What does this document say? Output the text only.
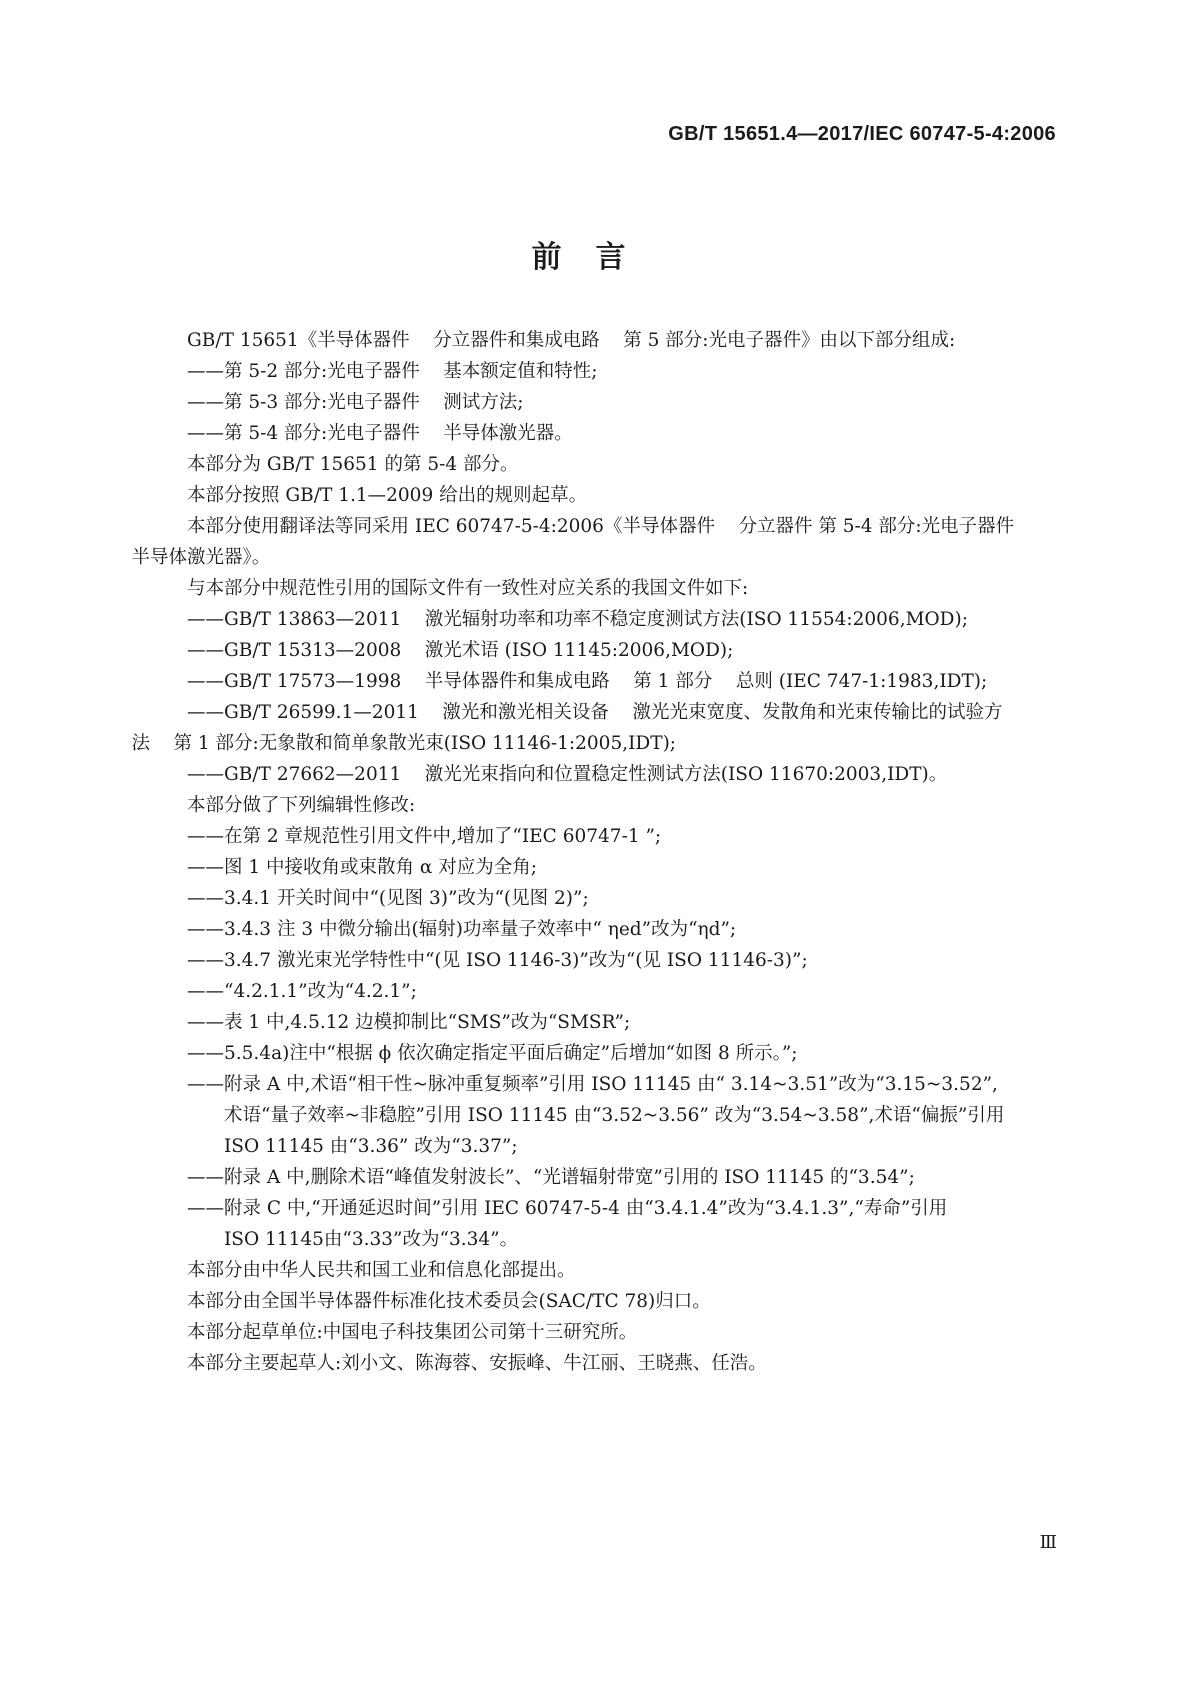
GB/T 15651.4—2017/IEC 60747-5-4:2006
前言
GB/T 15651《半导体器件    分立器件和集成电路    第 5 部分:光电子器件》由以下部分组成:
——第 5-2 部分:光电子器件    基本额定值和特性;
——第 5-3 部分:光电子器件    测试方法;
——第 5-4 部分:光电子器件    半导体激光器。
本部分为 GB/T 15651 的第 5-4 部分。
本部分按照 GB/T 1.1—2009 给出的规则起草。
本部分使用翻译法等同采用 IEC 60747-5-4:2006《半导体器件    分立器件 第 5-4 部分:光电子器件
半导体激光器》。
与本部分中规范性引用的国际文件有一致性对应关系的我国文件如下:
——GB/T 13863—2011    激光辐射功率和功率不稳定度测试方法(ISO 11554:2006,MOD);
——GB/T 15313—2008    激光术语 (ISO 11145:2006,MOD);
——GB/T 17573—1998    半导体器件和集成电路    第 1 部分    总则 (IEC 747-1:1983,IDT);
——GB/T 26599.1—2011    激光和激光相关设备    激光光束宽度、发散角和光束传输比的试验方
法    第 1 部分:无象散和简单象散光束(ISO 11146-1:2005,IDT);
——GB/T 27662—2011    激光光束指向和位置稳定性测试方法(ISO 11670:2003,IDT)。
本部分做了下列编辑性修改:
——在第 2 章规范性引用文件中,增加了“IEC 60747-1 ”;
——图 1 中接收角或束散角 α 对应为全角;
——3.4.1 开关时间中“(见图 3)”改为“(见图 2)”;
——3.4.3 注 3 中微分输出(辐射)功率量子效率中“ ηed”改为“ηd”;
——3.4.7 激光束光学特性中“(见 ISO 1146-3)”改为“(见 ISO 11146-3)”;
——“4.2.1.1”改为“4.2.1”;
——表 1 中,4.5.12 边模抑制比“SMS”改为“SMSR”;
——5.5.4a)注中“根据 ϕ 依次确定指定平面后确定”后增加“如图 8 所示。”;
——附录 A 中,术语“相干性~脉冲重复频率”引用 ISO 11145 由“ 3.14~3.51”改为“3.15~3.52”,
术语“量子效率~非稳腔”引用 ISO 11145 由“3.52~3.56” 改为“3.54~3.58”,术语“偏振”引用
ISO 11145 由“3.36” 改为“3.37”;
——附录 A 中,删除术语“峰值发射波长”、“光谱辐射带宽”引用的 ISO 11145 的“3.54”;
——附录 C 中,“开通延迟时间”引用 IEC 60747-5-4 由“3.4.1.4”改为“3.4.1.3”,“寿命”引用
ISO 11145由“3.33”改为“3.34”。
本部分由中华人民共和国工业和信息化部提出。
本部分由全国半导体器件标准化技术委员会(SAC/TC 78)归口。
本部分起草单位:中国电子科技集团公司第十三研究所。
本部分主要起草人:刘小文、陈海蓉、安振峰、牛江丽、王晓燕、任浩。
Ⅲ
